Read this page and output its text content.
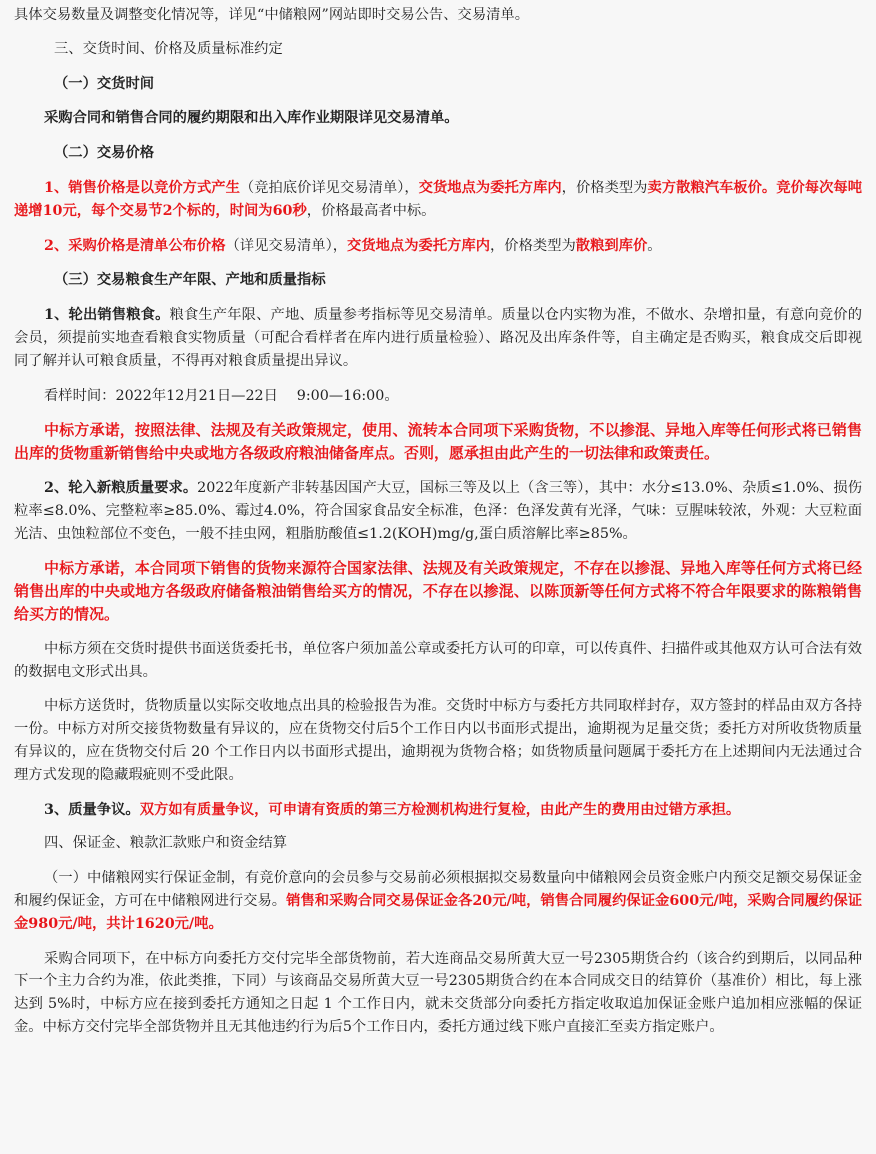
具体交易数量及调整变化情况等，详见“中储粮网”网站即时交易公告、交易清单。

三、交货时间、价格及质量标准约定

（一）交货时间

采购合同和销售合同的履约期限和出入库作业期限详见交易清单。

（二）交易价格

1、销售价格是以竞价方式产生（竞拍底价详见交易清单），交货地点为委托方库内，价格类型为卖方散粮汽车板价。竞价每次每吨递增10元，每个交易节2个标的，时间为60秒，价格最高者中标。

2、采购价格是清单公布价格（详见交易清单），交货地点为委托方库内，价格类型为散粮到库价。

（三）交易粮食生产年限、产地和质量指标

1、轮出销售粮食。粮食生产年限、产地、质量参考指标等见交易清单。质量以仓内实物为准，不做水、杂增扣量，有意向竞价的会员，须提前实地查看粮食实物质量（可配合看样者在库内进行质量检验）、路况及出库条件等，自主确定是否购买，粮食成交后即视同了解并认可粮食质量，不得再对粮食质量提出异议。

看样时间：2022年12月21日—22日　 9:00—16:00。

中标方承诺，按照法律、法规及有关政策规定，使用、流转本合同项下采购货物，不以掺混、异地入库等任何形式将已销售出库的货物重新销售给中央或地方各级政府粮油储备库点。否则，愿承担由此产生的一切法律和政策责任。

2、轮入新粮质量要求。2022年度新产非转基因国产大豆，国标三等及以上（含三等），其中：水分≤13.0%、杂质≤1.0%、损伤粒率≤8.0%、完整粒率≥85.0%、霉过4.0%，符合国家食品安全标准，色泽：色泽发黄有光泽，气味：豆腥味较浓，外观：大豆粒面光洁、虫蚀粒部位不变色，一般不挂虫网，粗脂肪酸值≤1.2(KOH)mg/g,蛋白质溶解比率≥85%。

中标方承诺，本合同项下销售的货物来源符合国家法律、法规及有关政策规定，不存在以掺混、异地入库等任何方式将已经销售出库的中央或地方各级政府储备粮油销售给买方的情况，不存在以掺混、以陈顶新等任何方式将不符合年限要求的陈粮销售给买方的情况。

中标方须在交货时提供书面送货委托书，单位客户须加盖公章或委托方认可的印章，可以传真件、扫描件或其他双方认可合法有效的数据电文形式出具。

中标方送货时，货物质量以实际交收地点出具的检验报告为准。交货时中标方与委托方共同取样封存，双方签封的样品由双方各持一份。中标方对所交接货物数量有异议的，应在货物交付后5个工作日内以书面形式提出，逾期视为足量交货；委托方对所收货物质量有异议的，应在货物交付后 20 个工作日内以书面形式提出，逾期视为货物合格；如货物质量问题属于委托方在上述期间内无法通过合理方式发现的隐藏瑕疵则不受此限。

3、质量争议。双方如有质量争议，可申请有资质的第三方检测机构进行复检，由此产生的费用由过错方承担。

四、保证金、粮款汇款账户和资金结算

（一）中储粮网实行保证金制，有竞价意向的会员参与交易前必须根据拟交易数量向中储粮网会员资金账户内预交足额交易保证金和履约保证金，方可在中储粮网进行交易。销售和采购合同交易保证金各20元/吨，销售合同履约保证金600元/吨，采购合同履约保证金980元/吨，共计1620元/吨。

采购合同项下，在中标方向委托方交付完毕全部货物前，若大连商品交易所黄大豆一号2305期货合约（该合约到期后，以同品种下一个主力合约为准，依此类推，下同）与该商品交易所黄大豆一号2305期货合约在本合同成交日的结算价（基准价）相比，每上涨达到 5%时，中标方应在接到委托方通知之日起 1 个工作日内，就未交货部分向委托方指定收取追加保证金账户追加相应涨幅的保证金。中标方交付完毕全部货物并且无其他违约行为后5个工作日内，委托方通过线下账户直接汇至卖方指定账户。
